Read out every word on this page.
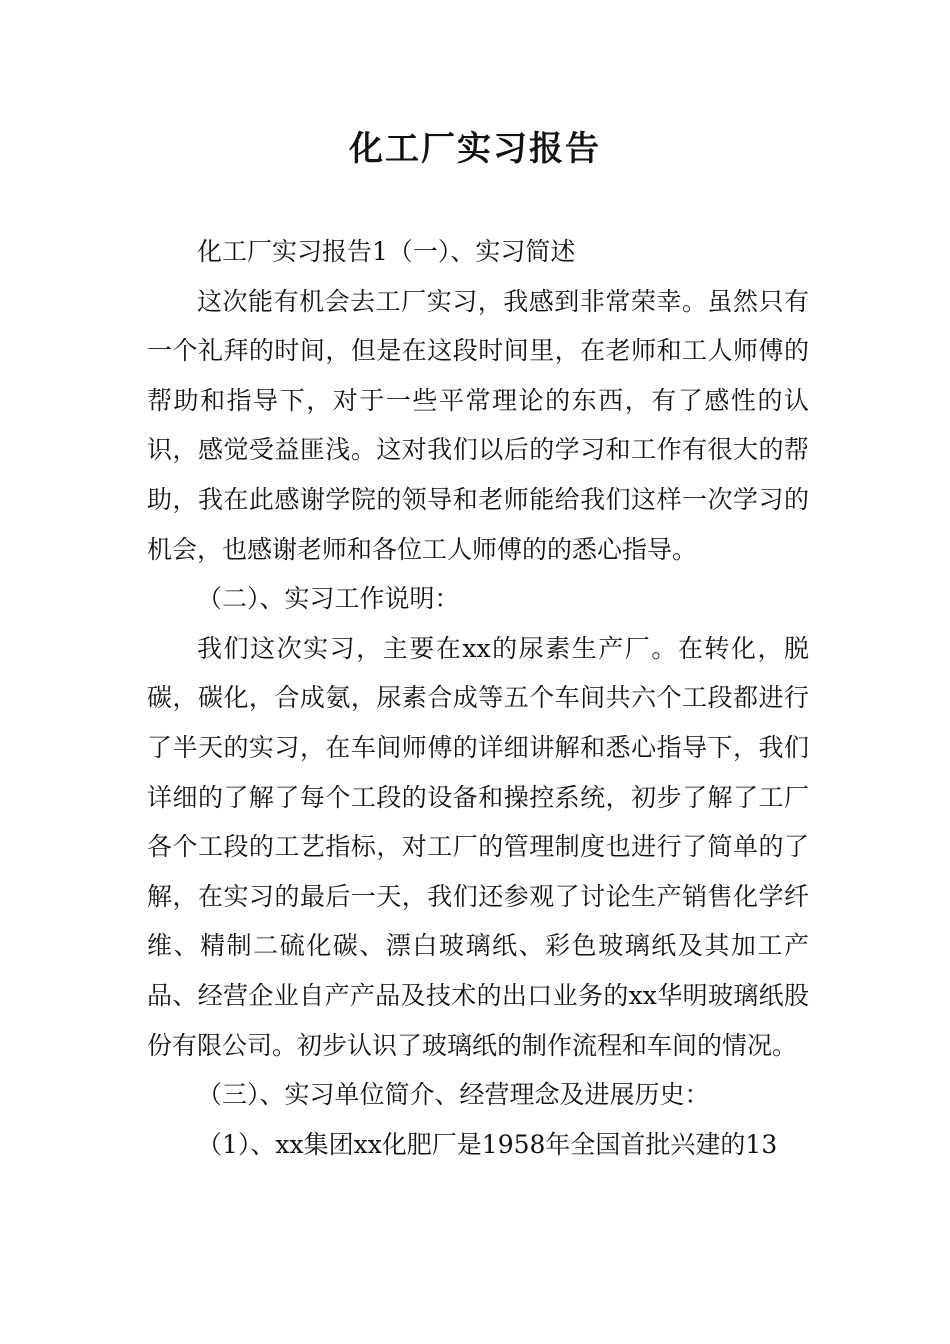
化工厂实习报告

化工厂实习报告1（一）、实习简述

这次能有机会去工厂实习，我感到非常荣幸。虽然只有一个礼拜的时间，但是在这段时间里，在老师和工人师傅的帮助和指导下，对于一些平常理论的东西，有了感性的认识，感觉受益匪浅。这对我们以后的学习和工作有很大的帮助，我在此感谢学院的领导和老师能给我们这样一次学习的机会，也感谢老师和各位工人师傅的的悉心指导。

（二）、实习工作说明：

我们这次实习，主要在xx的尿素生产厂。在转化，脱碳，碳化，合成氨，尿素合成等五个车间共六个工段都进行了半天的实习，在车间师傅的详细讲解和悉心指导下，我们详细的了解了每个工段的设备和操控系统，初步了解了工厂各个工段的工艺指标，对工厂的管理制度也进行了简单的了解，在实习的最后一天，我们还参观了讨论生产销售化学纤维、精制二硫化碳、漂白玻璃纸、彩色玻璃纸及其加工产品、经营企业自产产品及技术的出口业务的xx华明玻璃纸股份有限公司。初步认识了玻璃纸的制作流程和车间的情况。

（三）、实习单位简介、经营理念及进展历史：

（1）、xx集团xx化肥厂是1958年全国首批兴建的13
